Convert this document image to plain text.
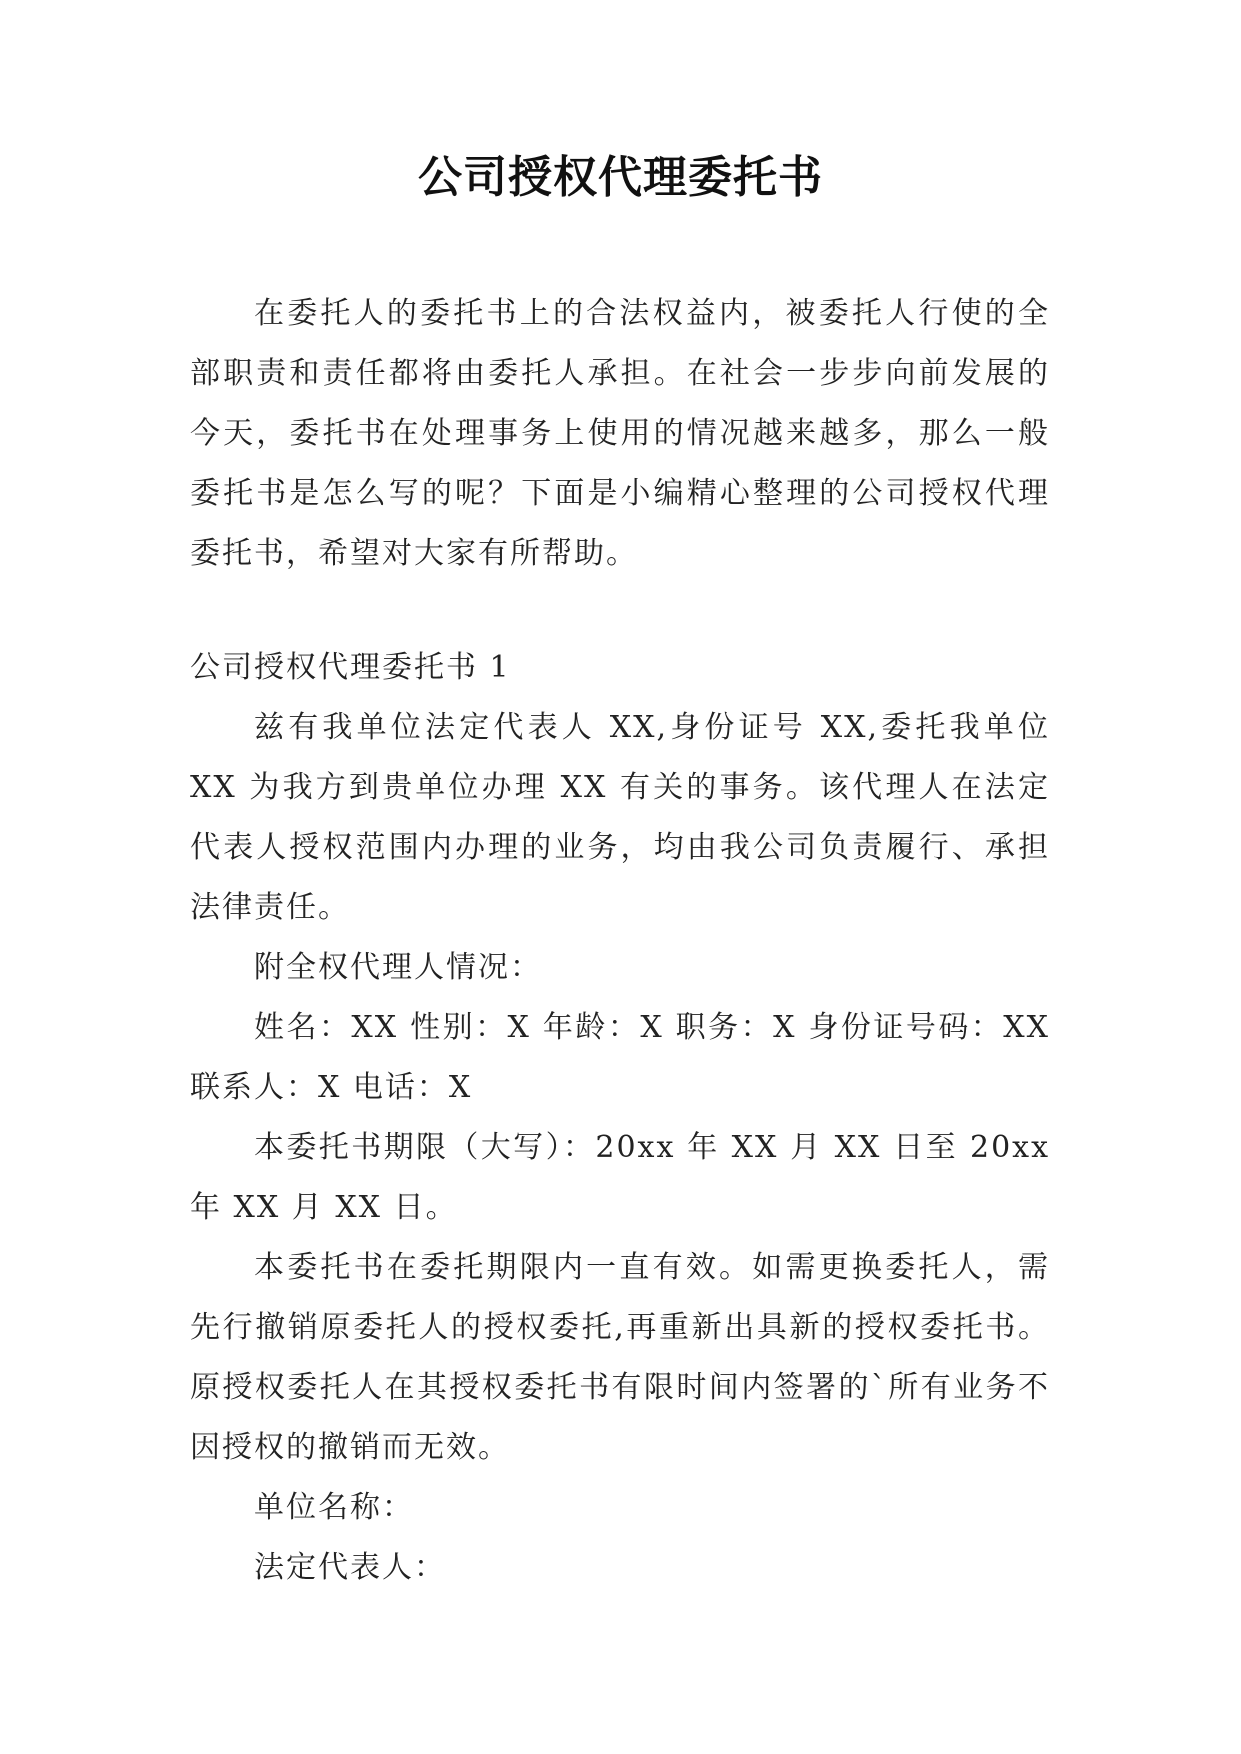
公司授权代理委托书

在委托人的委托书上的合法权益内，被委托人行使的全部职责和责任都将由委托人承担。在社会一步步向前发展的今天，委托书在处理事务上使用的情况越来越多，那么一般委托书是怎么写的呢？下面是小编精心整理的公司授权代理委托书，希望对大家有所帮助。

公司授权代理委托书 1

兹有我单位法定代表人 XX,身份证号 XX,委托我单位 XX 为我方到贵单位办理 XX 有关的事务。该代理人在法定代表人授权范围内办理的业务，均由我公司负责履行、承担法律责任。

附全权代理人情况：

姓名：XX 性别：X 年龄：X 职务：X 身份证号码：XX 联系人：X 电话：X

本委托书期限（大写）：20xx 年 XX 月 XX 日至 20xx 年 XX 月 XX 日。

本委托书在委托期限内一直有效。如需更换委托人，需先行撤销原委托人的授权委托,再重新出具新的授权委托书。原授权委托人在其授权委托书有限时间内签署的`所有业务不因授权的撤销而无效。

单位名称：

法定代表人：
